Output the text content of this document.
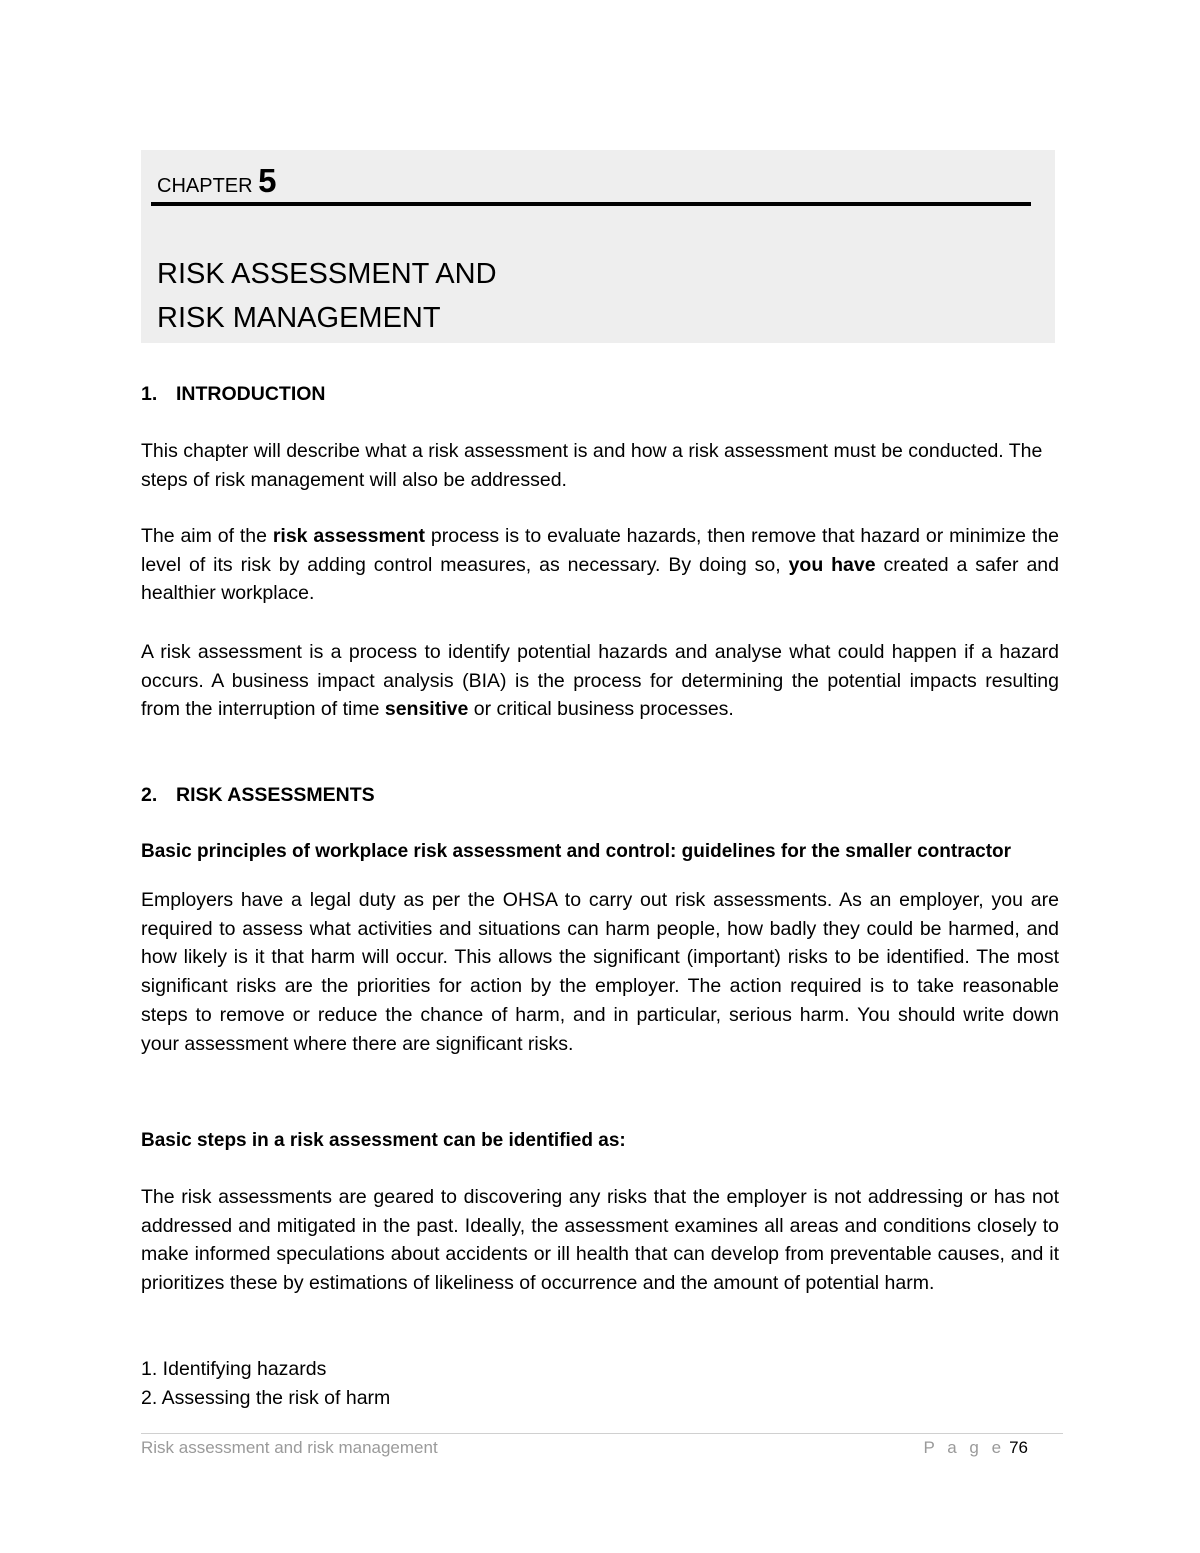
CHAPTER 5
RISK ASSESSMENT AND
RISK MANAGEMENT
1. INTRODUCTION
This chapter will describe what a risk assessment is and how a risk assessment must be conducted. The steps of risk management will also be addressed.
The aim of the risk assessment process is to evaluate hazards, then remove that hazard or minimize the level of its risk by adding control measures, as necessary. By doing so, you have created a safer and healthier workplace.
A risk assessment is a process to identify potential hazards and analyse what could happen if a hazard occurs. A business impact analysis (BIA) is the process for determining the potential impacts resulting from the interruption of time sensitive or critical business processes.
2. RISK ASSESSMENTS
Basic principles of workplace risk assessment and control: guidelines for the smaller contractor
Employers have a legal duty as per the OHSA to carry out risk assessments. As an employer, you are required to assess what activities and situations can harm people, how badly they could be harmed, and how likely is it that harm will occur. This allows the significant (important) risks to be identified. The most significant risks are the priorities for action by the employer. The action required is to take reasonable steps to remove or reduce the chance of harm, and in particular, serious harm. You should write down your assessment where there are significant risks.
Basic steps in a risk assessment can be identified as:
The risk assessments are geared to discovering any risks that the employer is not addressing or has not addressed and mitigated in the past. Ideally, the assessment examines all areas and conditions closely to make informed speculations about accidents or ill health that can develop from preventable causes, and it prioritizes these by estimations of likeliness of occurrence and the amount of potential harm.
1. Identifying hazards
2. Assessing the risk of harm
Risk assessment and risk management	P a g e 76
